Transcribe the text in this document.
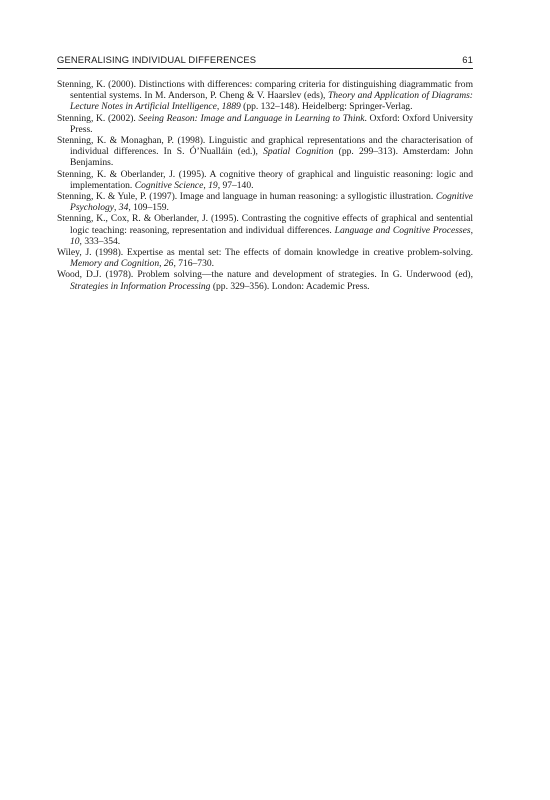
GENERALISING INDIVIDUAL DIFFERENCES	61

Stenning, K. (2000). Distinctions with differences: comparing criteria for distinguishing diagrammatic from sentential systems. In M. Anderson, P. Cheng & V. Haarslev (eds), Theory and Application of Diagrams: Lecture Notes in Artificial Intelligence, 1889 (pp. 132–148). Heidelberg: Springer-Verlag.

Stenning, K. (2002). Seeing Reason: Image and Language in Learning to Think. Oxford: Oxford University Press.

Stenning, K. & Monaghan, P. (1998). Linguistic and graphical representations and the characterisation of individual differences. In S. Ó’Nualláin (ed.), Spatial Cognition (pp. 299–313). Amsterdam: John Benjamins.

Stenning, K. & Oberlander, J. (1995). A cognitive theory of graphical and linguistic reasoning: logic and implementation. Cognitive Science, 19, 97–140.

Stenning, K. & Yule, P. (1997). Image and language in human reasoning: a syllogistic illustration. Cognitive Psychology, 34, 109–159.

Stenning, K., Cox, R. & Oberlander, J. (1995). Contrasting the cognitive effects of graphical and sentential logic teaching: reasoning, representation and individual differences. Language and Cognitive Processes, 10, 333–354.

Wiley, J. (1998). Expertise as mental set: The effects of domain knowledge in creative problem-solving. Memory and Cognition, 26, 716–730.

Wood, D.J. (1978). Problem solving—the nature and development of strategies. In G. Underwood (ed), Strategies in Information Processing (pp. 329–356). London: Academic Press.
